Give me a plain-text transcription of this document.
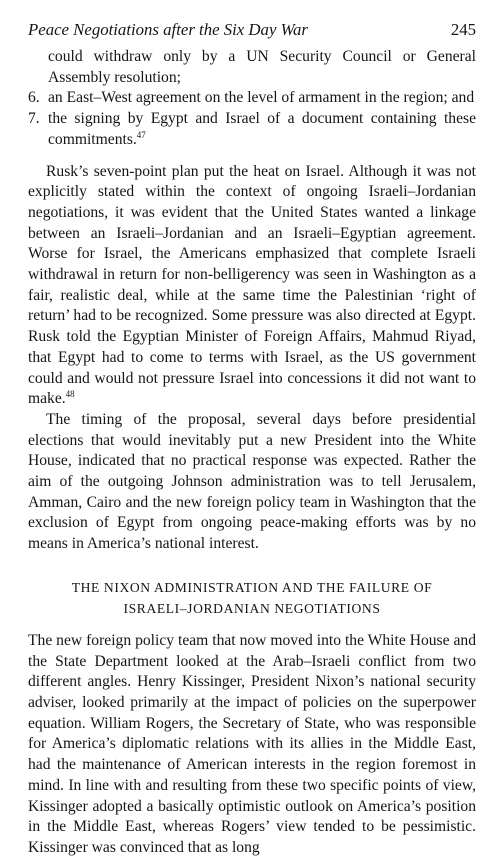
Peace Negotiations after the Six Day War	245
could withdraw only by a UN Security Council or General Assembly resolution;
6. an East–West agreement on the level of armament in the region; and
7. the signing by Egypt and Israel of a document containing these commitments.$^{47}$

Rusk’s seven-point plan put the heat on Israel. Although it was not explicitly stated within the context of ongoing Israeli–Jordanian negotiations, it was evident that the United States wanted a linkage between an Israeli–Jordanian and an Israeli–Egyptian agreement. Worse for Israel, the Americans emphasized that complete Israeli withdrawal in return for non-belligerency was seen in Washington as a fair, realistic deal, while at the same time the Palestinian ‘right of return’ had to be recognized. Some pressure was also directed at Egypt. Rusk told the Egyptian Minister of Foreign Affairs, Mahmud Riyad, that Egypt had to come to terms with Israel, as the US government could and would not pressure Israel into concessions it did not want to make.$^{48}$

The timing of the proposal, several days before presidential elections that would inevitably put a new President into the White House, indicated that no practical response was expected. Rather the aim of the outgoing Johnson administration was to tell Jerusalem, Amman, Cairo and the new foreign policy team in Washington that the exclusion of Egypt from ongoing peace-making efforts was by no means in America’s national interest.

THE NIXON ADMINISTRATION AND THE FAILURE OF
ISRAELI–JORDANIAN NEGOTIATIONS

The new foreign policy team that now moved into the White House and the State Department looked at the Arab–Israeli conflict from two different angles. Henry Kissinger, President Nixon’s national security adviser, looked primarily at the impact of policies on the superpower equation. William Rogers, the Secretary of State, who was responsible for America’s diplomatic relations with its allies in the Middle East, had the maintenance of American interests in the region foremost in mind. In line with and resulting from these two specific points of view, Kissinger adopted a basically optimistic outlook on America’s position in the Middle East, whereas Rogers’ view tended to be pessimistic. Kissinger was convinced that as long
